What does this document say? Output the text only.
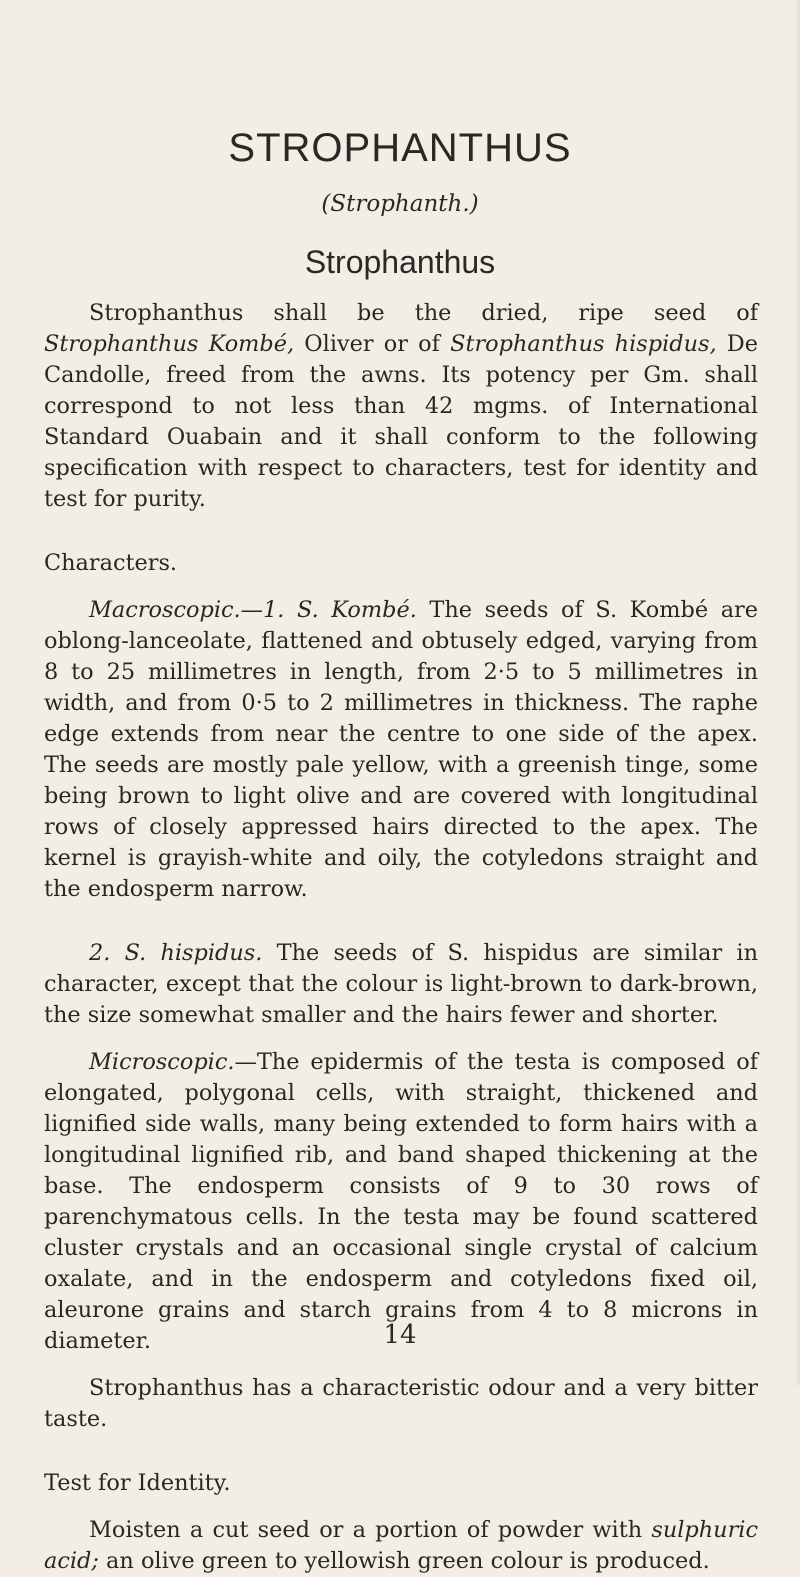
STROPHANTHUS

(Strophanth.)

Strophanthus

Strophanthus shall be the dried, ripe seed of Strophanthus Kombé, Oliver or of Strophanthus hispidus, De Candolle, freed from the awns. Its potency per Gm. shall correspond to not less than 42 mgms. of International Standard Ouabain and it shall conform to the following specification with respect to characters, test for identity and test for purity.

Characters.

Macroscopic.—1. S. Kombé. The seeds of S. Kombé are oblong-lanceolate, flattened and obtusely edged, varying from 8 to 25 millimetres in length, from 2·5 to 5 millimetres in width, and from 0·5 to 2 millimetres in thickness. The raphe edge extends from near the centre to one side of the apex. The seeds are mostly pale yellow, with a greenish tinge, some being brown to light olive and are covered with longitudinal rows of closely appressed hairs directed to the apex. The kernel is grayish-white and oily, the cotyledons straight and the endosperm narrow.

2. S. hispidus. The seeds of S. hispidus are similar in character, except that the colour is light-brown to dark-brown, the size somewhat smaller and the hairs fewer and shorter.

Microscopic.—The epidermis of the testa is composed of elongated, polygonal cells, with straight, thickened and lignified side walls, many being extended to form hairs with a longitudinal lignified rib, and band shaped thickening at the base. The endosperm consists of 9 to 30 rows of parenchymatous cells. In the testa may be found scattered cluster crystals and an occasional single crystal of calcium oxalate, and in the endosperm and cotyledons fixed oil, aleurone grains and starch grains from 4 to 8 microns in diameter.

Strophanthus has a characteristic odour and a very bitter taste.

Test for Identity.

Moisten a cut seed or a portion of powder with sulphuric acid; an olive green to yellowish green colour is produced.

14
